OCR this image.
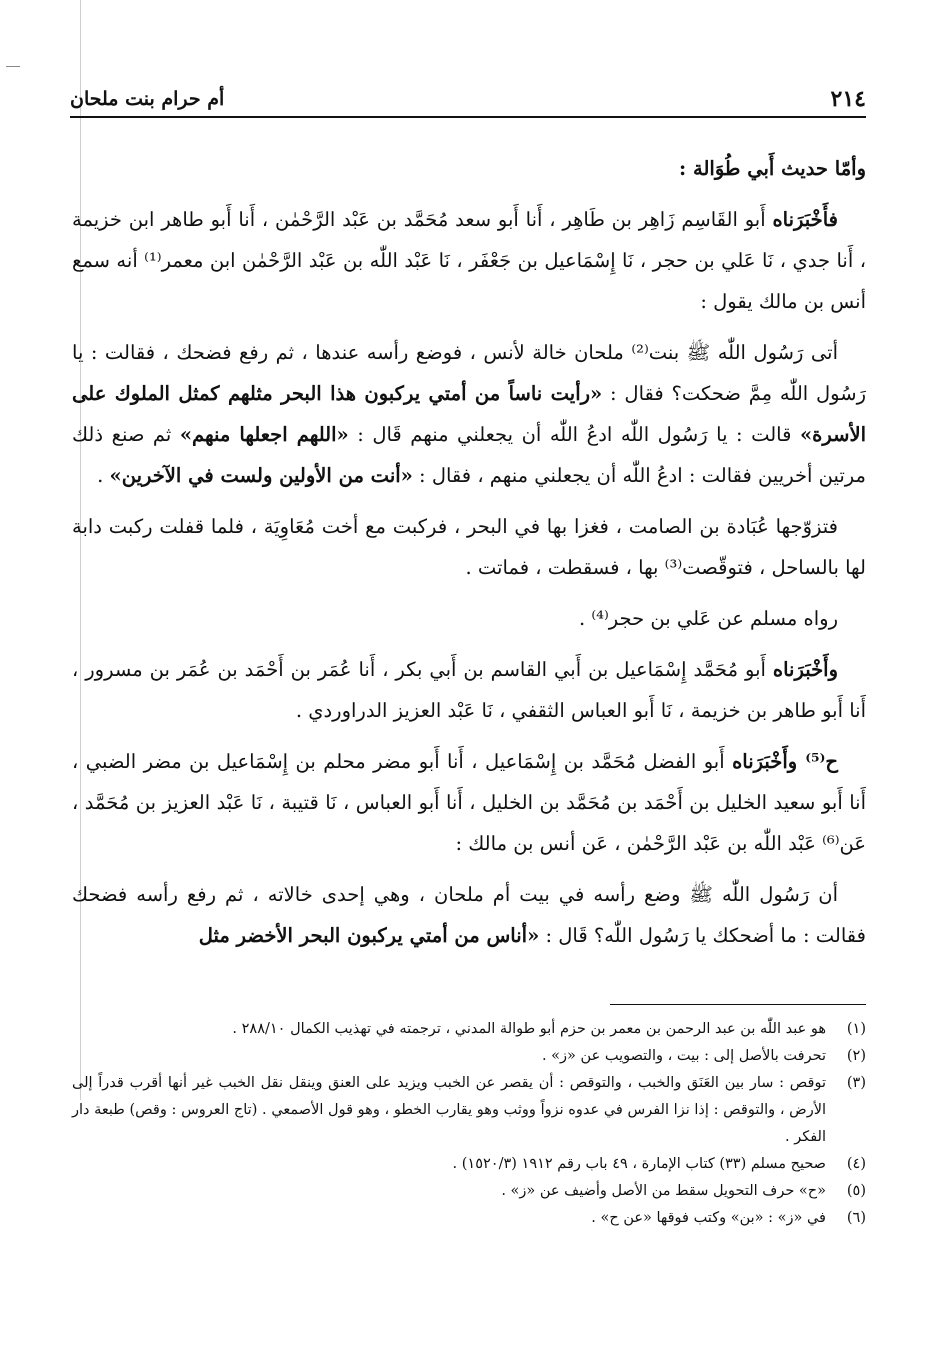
٢١٤
أم حرام بنت ملحان

وأمّا حديث أَبي طُوَالة :

فأَخْبَرَناه أَبو القَاسِم زَاهِر بن طَاهِر ، أَنا أَبو سعد مُحَمَّد بن عَبْد الرَّحْمٰن ، أَنا أَبو طاهر ابن خزيمة ، أَنا جدي ، نَا عَلي بن حجر ، نَا إِسْمَاعيل بن جَعْفَر ، نَا عَبْد اللّٰه بن عَبْد الرَّحْمٰن ابن معمر⁽¹⁾ أنه سمع أنس بن مالك يقول :

أتى رَسُول اللّٰه ﷺ بنت⁽²⁾ ملحان خالة لأنس ، فوضع رأسه عندها ، ثم رفع فضحك ، فقالت : يا رَسُول اللّٰه مِمَّ ضحكت؟ فقال : «رأيت ناساً من أمتي يركبون هذا البحر مثلهم كمثل الملوك على الأسرة» قالت : يا رَسُول اللّٰه ادعُ اللّٰه أن يجعلني منهم قَال : «اللهم اجعلها منهم» ثم صنع ذلك مرتين أخريين فقالت : ادعُ اللّٰه أن يجعلني منهم ، فقال : «أنت من الأولين ولست في الآخرين» .

فتزوّجها عُبَادة بن الصامت ، فغزا بها في البحر ، فركبت مع أخت مُعَاوِيَة ، فلما قفلت ركبت دابة لها بالساحل ، فتوقّصت⁽³⁾ بها ، فسقطت ، فماتت .

رواه مسلم عن عَلي بن حجر⁽⁴⁾ .

وأَخْبَرَناه أَبو مُحَمَّد إِسْمَاعيل بن أَبي القاسم بن أَبي بكر ، أَنا عُمَر بن أَحْمَد بن عُمَر بن مسرور ، أَنا أَبو طاهر بن خزيمة ، نَا أَبو العباس الثقفي ، نَا عَبْد العزيز الدراوردي .

ح⁽⁵⁾ وأَخْبَرَناه أَبو الفضل مُحَمَّد بن إِسْمَاعيل ، أَنا أَبو مضر محلم بن إِسْمَاعيل بن مضر الضبي ، أَنا أَبو سعيد الخليل بن أَحْمَد بن مُحَمَّد بن الخليل ، أَنا أَبو العباس ، نَا قتيبة ، نَا عَبْد العزيز بن مُحَمَّد ، عَن⁽⁶⁾ عَبْد اللّٰه بن عَبْد الرَّحْمٰن ، عَن أنس بن مالك :

أن رَسُول اللّٰه ﷺ وضع رأسه في بيت أم ملحان ، وهي إحدى خالاته ، ثم رفع رأسه فضحك فقالت : ما أضحكك يا رَسُول اللّٰه؟ قَال : «أناس من أمتي يركبون البحر الأخضر مثل

(١)
هو عبد اللّٰه بن عبد الرحمن بن معمر بن حزم أبو طوالة المدني ، ترجمته في تهذيب الكمال ٢٨٨/١٠ .
(٢)
تحرفت بالأصل إلى : بيت ، والتصويب عن «ز» .
(٣)
توقص : سار بين العَنَق والخبب ، والتوقص : أن يقصر عن الخبب ويزيد على العنق وينقل نقل الخبب غير أنها أقرب قدراً إلى الأرض ، والتوقص : إذا نزا الفرس في عدوه نزواً ووثب وهو يقارب الخطو ، وهو قول الأصمعي . (تاج العروس : وقص) طبعة دار الفكر .
(٤)
صحيح مسلم (٣٣) كتاب الإمارة ، ٤٩ باب رقم ١٩١٢ (١٥٢٠/٣) .
(٥)
«ح» حرف التحويل سقط من الأصل وأضيف عن «ز» .
(٦)
في «ز» : «بن» وكتب فوقها «عن ح» .
